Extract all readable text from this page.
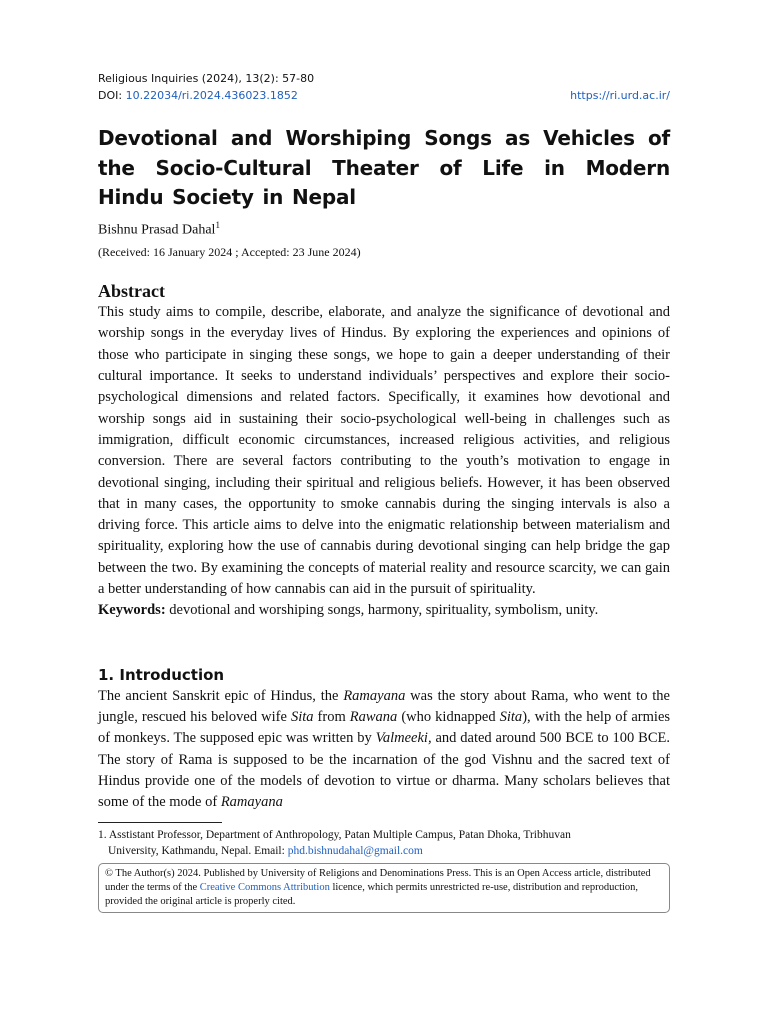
Religious Inquiries (2024), 13(2): 57-80
DOI: 10.22034/ri.2024.436023.1852	https://ri.urd.ac.ir/
Devotional and Worshiping Songs as Vehicles of the Socio-Cultural Theater of Life in Modern Hindu Society in Nepal
Bishnu Prasad Dahal$^1$
(Received: 16 January 2024 ; Accepted: 23 June 2024)
Abstract

This study aims to compile, describe, elaborate, and analyze the significance of devotional and worship songs in the everyday lives of Hindus. By exploring the experiences and opinions of those who participate in singing these songs, we hope to gain a deeper understanding of their cultural importance. It seeks to understand individuals’ perspectives and explore their socio-psychological dimensions and related factors. Specifically, it examines how devotional and worship songs aid in sustaining their socio-psychological well-being in challenges such as immigration, difficult economic circumstances, increased religious activities, and religious conversion. There are several factors contributing to the youth’s motivation to engage in devotional singing, including their spiritual and religious beliefs. However, it has been observed that in many cases, the opportunity to smoke cannabis during the singing intervals is also a driving force. This article aims to delve into the enigmatic relationship between materialism and spirituality, exploring how the use of cannabis during devotional singing can help bridge the gap between the two. By examining the concepts of material reality and resource scarcity, we can gain a better understanding of how cannabis can aid in the pursuit of spirituality.

Keywords: devotional and worshiping songs, harmony, spirituality, symbolism, unity.

1. Introduction

The ancient Sanskrit epic of Hindus, the Ramayana was the story about Rama, who went to the jungle, rescued his beloved wife Sita from Rawana (who kidnapped Sita), with the help of armies of monkeys. The supposed epic was written by Valmeeki, and dated around 500 BCE to 100 BCE. The story of Rama is supposed to be the incarnation of the god Vishnu and the sacred text of Hindus provide one of the models of devotion to virtue or dharma. Many scholars believes that some of the mode of Ramayana

1. Asstistant Professor, Department of Anthropology, Patan Multiple Campus, Patan Dhoka, Tribhuvan
University, Kathmandu, Nepal. Email: phd.bishnudahal@gmail.com
© The Author(s) 2024. Published by University of Religions and Denominations Press. This is an Open Access article, distributed under the terms of the Creative Commons Attribution licence, which permits unrestricted re-use, distribution and reproduction, provided the original article is properly cited.
